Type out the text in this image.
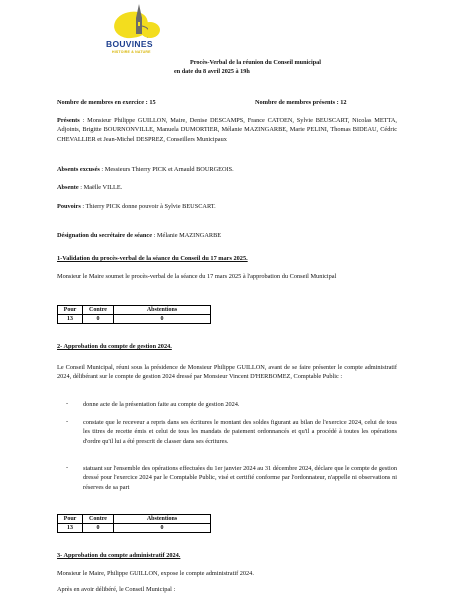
BOUVINES
HISTOIRE & NATURE
Procès-Verbal de la réunion du Conseil municipal
en date du 8 avril 2025 à 19h
Nombre de membres en exercice : 15	Nombre de membres présents : 12
Présents : Monsieur Philippe GUILLON, Maire, Denise DESCAMPS, France CATOEN, Sylvie BEUSCART, Nicolas METTA, Adjoints, Brigitte BOURNONVILLE, Manuela DUMORTIER, Mélanie MAZINGARBE, Marie PELINI, Thomas BIDEAU, Cédric CHEVALLIER et Jean-Michel DESPREZ, Conseillers Municipaux
Absents excusés : Messieurs Thierry PICK et Arnauld BOURGEOIS.
Absente : Maëlle VILLE.
Pouvoirs : Thierry PICK donne pouvoir à Sylvie BEUSCART.
Désignation du secrétaire de séance : Mélanie MAZINGARBE
1-Validation du procès-verbal de la séance du Conseil du 17 mars 2025.
Monsieur le Maire soumet le procès-verbal de la séance du 17 mars 2025 à l'approbation du Conseil Municipal
Pour	Contre	Abstentions
13	0	0
2- Approbation du compte de gestion 2024.
Le Conseil Municipal, réuni sous la présidence de Monsieur Philippe GUILLON, avant de se faire présenter le compte administratif 2024, délibérant sur le compte de gestion 2024 dressé par Monsieur Vincent D'HERBOMEZ, Comptable Public :
- donne acte de la présentation faite au compte de gestion 2024.
- constate que le receveur a repris dans ses écritures le montant des soldes figurant au bilan de l'exercice 2024, celui de tous les titres de recette émis et celui de tous les mandats de paiement ordonnancés et qu'il a procédé à toutes les opérations d'ordre qu'il lui a été prescrit de classer dans ses écritures.
- statuant sur l'ensemble des opérations effectuées du 1er janvier 2024 au 31 décembre 2024, déclare que le compte de gestion dressé pour l'exercice 2024 par le Comptable Public, visé et certifié conforme par l'ordonnateur, n'appelle ni observations ni réserves de sa part
Pour	Contre	Abstentions
13	0	0
3- Approbation du compte administratif 2024.
Monsieur le Maire, Philippe GUILLON, expose le compte administratif 2024.
Après en avoir délibéré, le Conseil Municipal :
